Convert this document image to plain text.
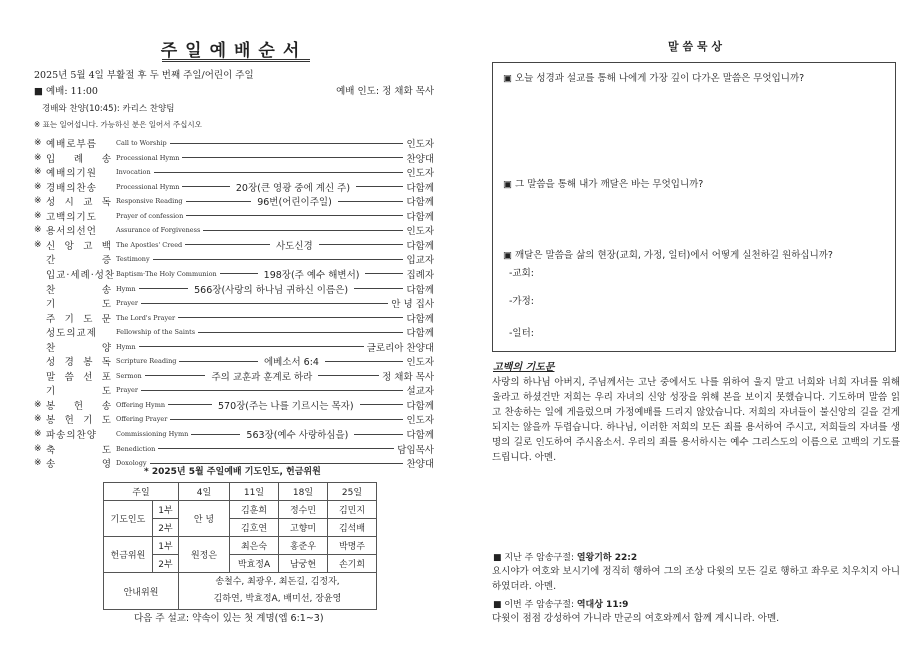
주일예배순서
2025년 5월 4일 부활절 후 두 번째 주일/어린이 주일
■ 예배: 11:00	예배 인도: 정 채화 목사
경배와 찬양(10:45): 카리스 찬양팀
※ 표는 일어섭니다. 가능하신 분은 일어서 주십시오
※ 예배로부름	Call to Worship	인도자
※ 입 례 송 Processional Hymn	찬양대
※ 예배의기원	Invocation	인도자
※ 경배의찬송	Processional Hymn	20장(큰 영광 중에 계신 주)	다함께
※ 성 시 교 독 Responsive Reading	96번(어린이주일)	다함께
※ 고백의기도	Prayer of confession	다함께
※ 용서의선언	Assurance of Forgiveness	인도자
※ 신 앙 고 백 The Apostles' Creed	사도신경	다함께
간 증 Testimony	입교자
입교·세례·성찬 Baptism·The Holy Communion	198장(주 예수 해변서)	집례자
찬 송 Hymn	566장(사랑의 하나님 귀하신 이름은)	다함께
기 도 Prayer	안 녕 집사
주 기 도 문 The Lord's Prayer	다함께
성도의교제	Fellowship of the Saints	다함께
찬 양 Hymn	글로리아 찬양대
성 경 봉 독 Scripture Reading	에베소서 6:4	인도자
말 씀 선 포 Sermon	주의 교훈과 훈계로 하라	정 채화 목사
기 도 Prayer	설교자
※ 봉 헌 송 Offering Hymn	570장(주는 나를 기르시는 목자)	다함께
※ 봉 헌 기 도 Offering Prayer	인도자
※ 파송의찬양	Commissioning Hymn	563장(예수 사랑하심을)	다함께
※ 축 도 Benediction	담임목사
※ 송 영 Doxology	찬양대
* 2025년 5월 주일예배 기도인도, 헌금위원
주일		4일	11일	18일	25일
기도인도	1부	안 녕	김훈희	정수민	김민지
	2부		김호연	고향미	김석배
헌금위원	1부	원정은	최은숙	홍준우	박명주
	2부		박효정A	남궁현	손기희
안내위원		송철수, 최광우, 최돈길, 김정자,
김하연, 박효정A, 배미선, 장윤영			
다음 주 설교: 약속이 있는 첫 계명(엡 6:1~3)
말 씀 묵 상
▣ 오늘 성경과 설교를 통해 나에게 가장 깊이 다가온 말씀은 무엇입니까?
▣ 그 말씀을 통해 내가 깨달은 바는 무엇입니까?
▣ 깨달은 말씀을 삶의 현장(교회, 가정, 일터)에서 어떻게 실천하길 원하십니까?
-교회:
-가정:
-일터:
고백의 기도문
사랑의 하나님 아버지, 주님께서는 고난 중에서도 나를 위하여 울지 말고 너희와 너희 자녀를 위해 울라고 하셨건만 저희는 우리 자녀의 신앙 성장을 위해 본을 보이지 못했습니다. 기도하며 말씀 읽고 찬송하는 일에 게을렀으며 가정예배를 드리지 않았습니다. 저희의 자녀들이 불신앙의 길을 걷게 되지는 않을까 두렵습니다. 하나님, 이러한 저희의 모든 죄를 용서하여 주시고, 저희들의 자녀를 생명의 길로 인도하여 주시옵소서. 우리의 죄를 용서하시는 예수 그리스도의 이름으로 고백의 기도를 드립니다. 아멘.
■ 지난 주 암송구절: 열왕기하 22:2
요시야가 여호와 보시기에 정직히 행하여 그의 조상 다윗의 모든 길로 행하고 좌우로 치우치지 아니하였더라. 아멘.
■ 이번 주 암송구절: 역대상 11:9
다윗이 점점 강성하여 가니라 만군의 여호와께서 함께 계시니라. 아멘.
